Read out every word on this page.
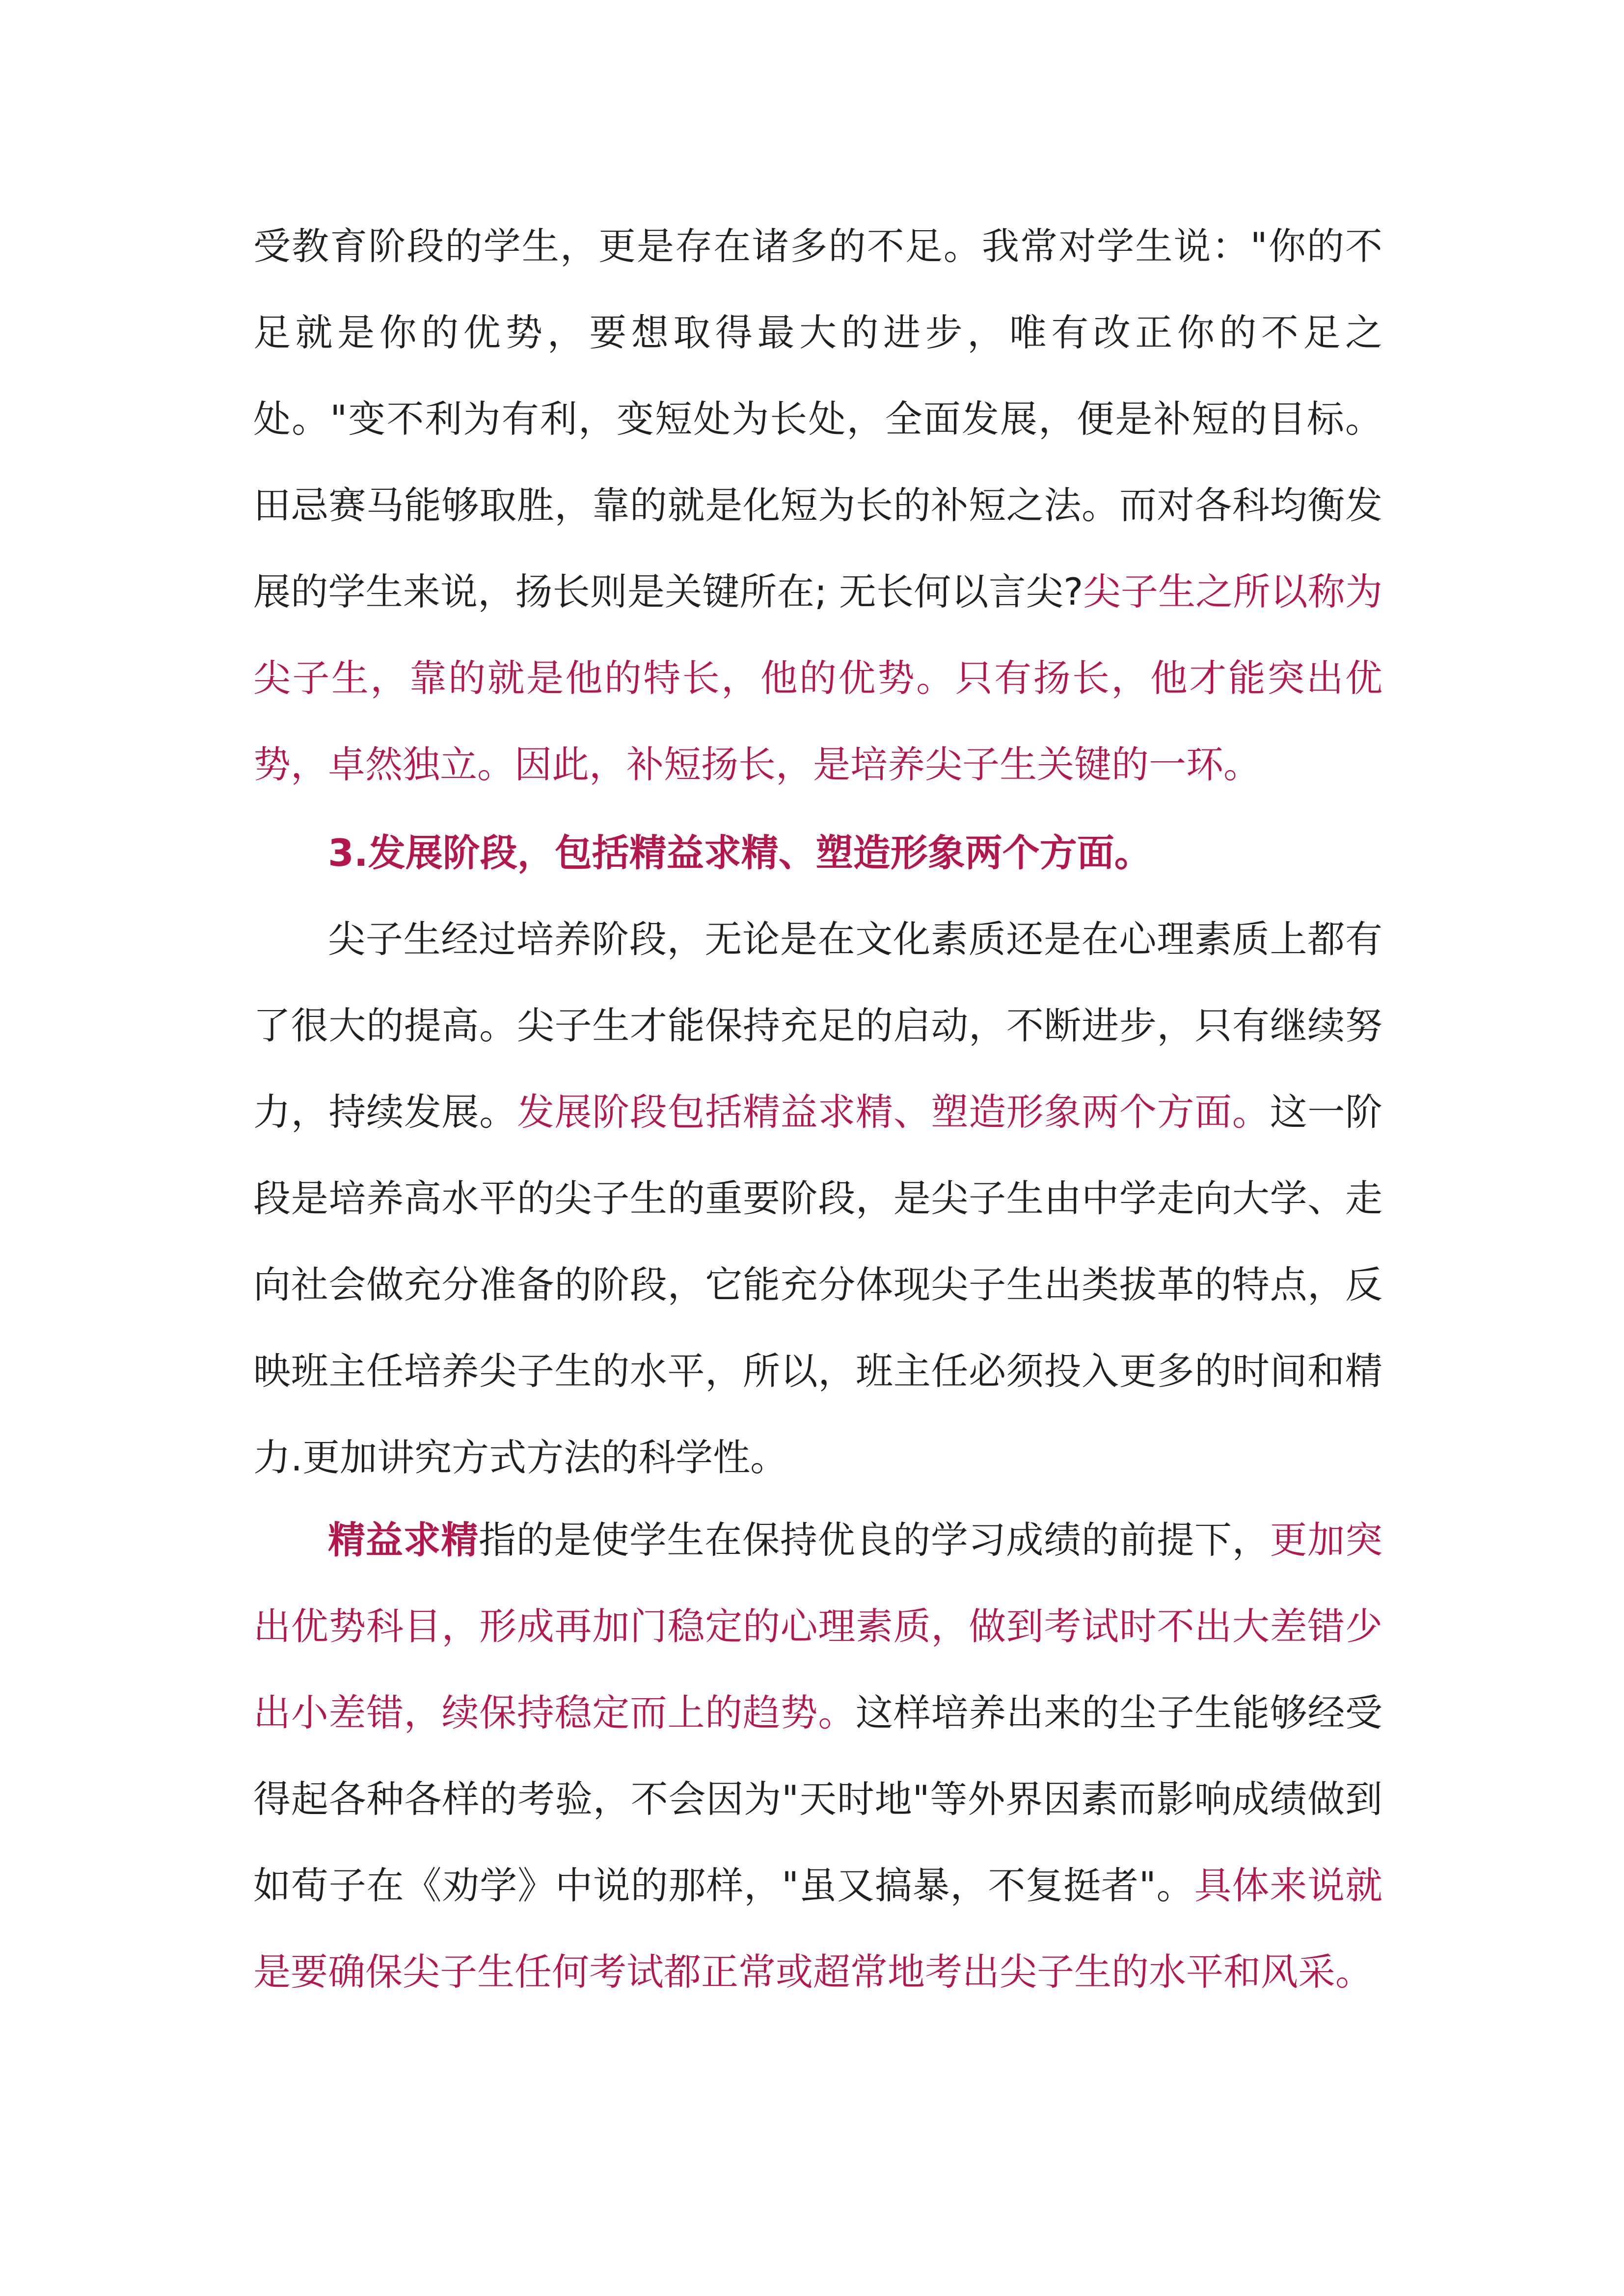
受教育阶段的学生，更是存在诸多的不足。我常对学生说："你的不足就是你的优势，要想取得最大的进步，唯有改正你的不足之处。"变不利为有利，变短处为长处，全面发展，便是补短的目标。田忌赛马能够取胜，靠的就是化短为长的补短之法。而对各科均衡发展的学生来说，扬长则是关键所在; 无长何以言尖?尖子生之所以称为尖子生，靠的就是他的特长，他的优势。只有扬长，他才能突出优势，卓然独立。因此，补短扬长，是培养尖子生关键的一环。

3.发展阶段，包括精益求精、塑造形象两个方面。

尖子生经过培养阶段，无论是在文化素质还是在心理素质上都有了很大的提高。尖子生才能保持充足的启动，不断进步，只有继续努力，持续发展。发展阶段包括精益求精、塑造形象两个方面。这一阶段是培养高水平的尖子生的重要阶段，是尖子生由中学走向大学、走向社会做充分准备的阶段，它能充分体现尖子生出类拔革的特点，反映班主任培养尖子生的水平，所以，班主任必须投入更多的时间和精力.更加讲究方式方法的科学性。

精益求精指的是使学生在保持优良的学习成绩的前提下，更加突出优势科目，形成再加门稳定的心理素质，做到考试时不出大差错少出小差错，续保持稳定而上的趋势。这样培养出来的尘子生能够经受得起各种各样的考验，不会因为"天时地"等外界因素而影响成绩做到如荀子在《劝学》中说的那样，"虽又搞暴，不复挺者"。具体来说就是要确保尖子生任何考试都正常或超常地考出尖子生的水平和风采。
